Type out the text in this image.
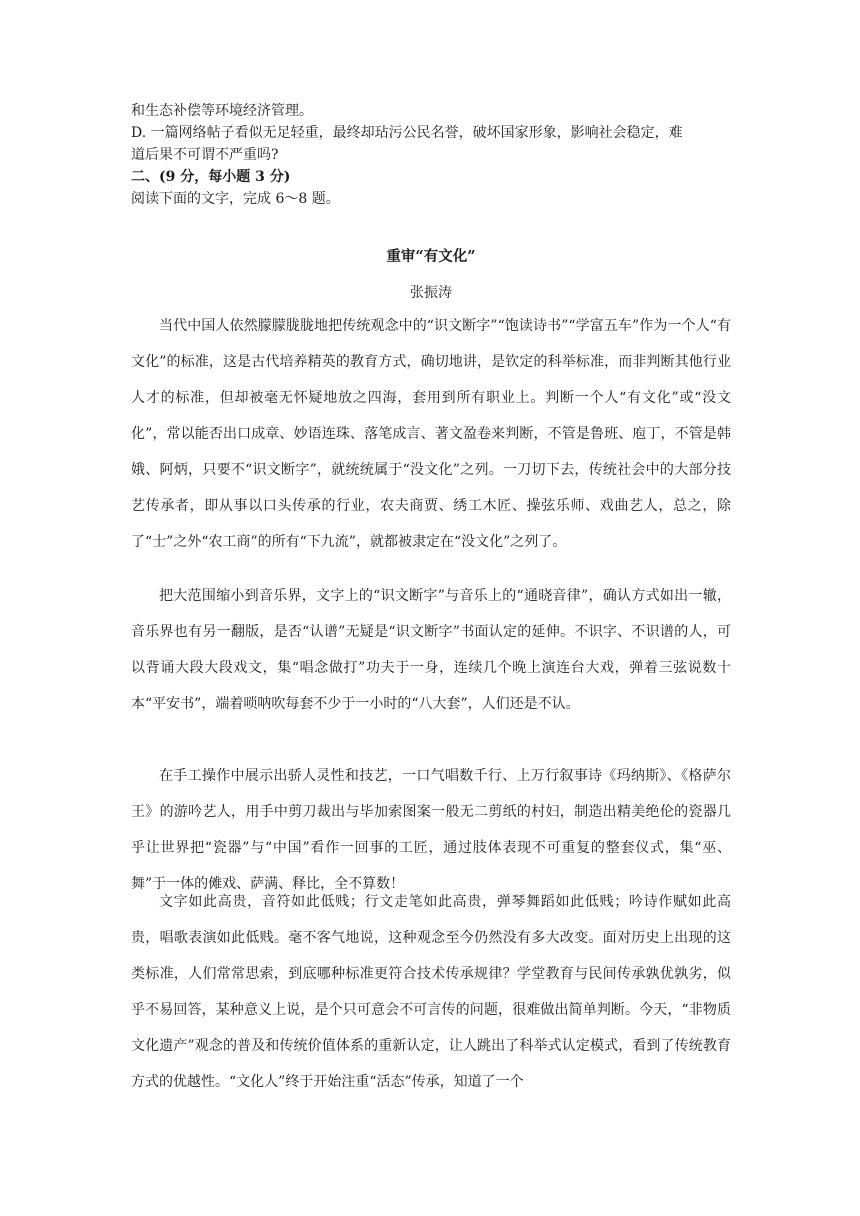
和生态补偿等环境经济管理。
D. 一篇网络帖子看似无足轻重，最终却玷污公民名誉，破坏国家形象，影响社会稳定，难
道后果不可谓不严重吗?
二、(9 分，每小题 3 分)
阅读下面的文字，完成 6～8 题。
重审“有文化”
张振涛

当代中国人依然朦朦胧胧地把传统观念中的“识文断字”“饱读诗书”“学富五车”作为一个人“有文化”的标准，这是古代培养精英的教育方式，确切地讲，是钦定的科举标准，而非判断其他行业人才的标准，但却被毫无怀疑地放之四海，套用到所有职业上。判断一个人“有文化”或“没文化”，常以能否出口成章、妙语连珠、落笔成言、著文盈卷来判断，不管是鲁班、庖丁，不管是韩娥、阿炳，只要不“识文断字”，就统统属于“没文化”之列。一刀切下去，传统社会中的大部分技艺传承者，即从事以口头传承的行业，农夫商贾、绣工木匠、操弦乐师、戏曲艺人，总之，除了“士”之外“农工商”的所有“下九流”，就都被隶定在“没文化”之列了。

把大范围缩小到音乐界，文字上的“识文断字”与音乐上的“通晓音律”，确认方式如出一辙，音乐界也有另一翻版，是否“认谱”无疑是“识文断字”书面认定的延伸。不识字、不识谱的人，可以背诵大段大段戏文，集“唱念做打”功夫于一身，连续几个晚上演连台大戏，弹着三弦说数十本“平安书”，端着唢呐吹每套不少于一小时的“八大套”，人们还是不认。

在手工操作中展示出骄人灵性和技艺，一口气唱数千行、上万行叙事诗《玛纳斯》、《格萨尔王》的游吟艺人，用手中剪刀裁出与毕加索图案一般无二剪纸的村妇，制造出精美绝伦的瓷器几乎让世界把“瓷器”与“中国”看作一回事的工匠，通过肢体表现不可重复的整套仪式，集“巫、舞”于一体的傩戏、萨满、释比，全不算数！

文字如此高贵，音符如此低贱；行文走笔如此高贵，弹琴舞蹈如此低贱；吟诗作赋如此高贵，唱歌表演如此低贱。毫不客气地说，这种观念至今仍然没有多大改变。面对历史上出现的这类标准，人们常常思索，到底哪种标准更符合技术传承规律？学堂教育与民间传承孰优孰劣，似乎不易回答，某种意义上说，是个只可意会不可言传的问题，很难做出简单判断。今天，“非物质文化遗产”观念的普及和传统价值体系的重新认定，让人跳出了科举式认定模式，看到了传统教育方式的优越性。“文化人”终于开始注重“活态”传承，知道了一个
